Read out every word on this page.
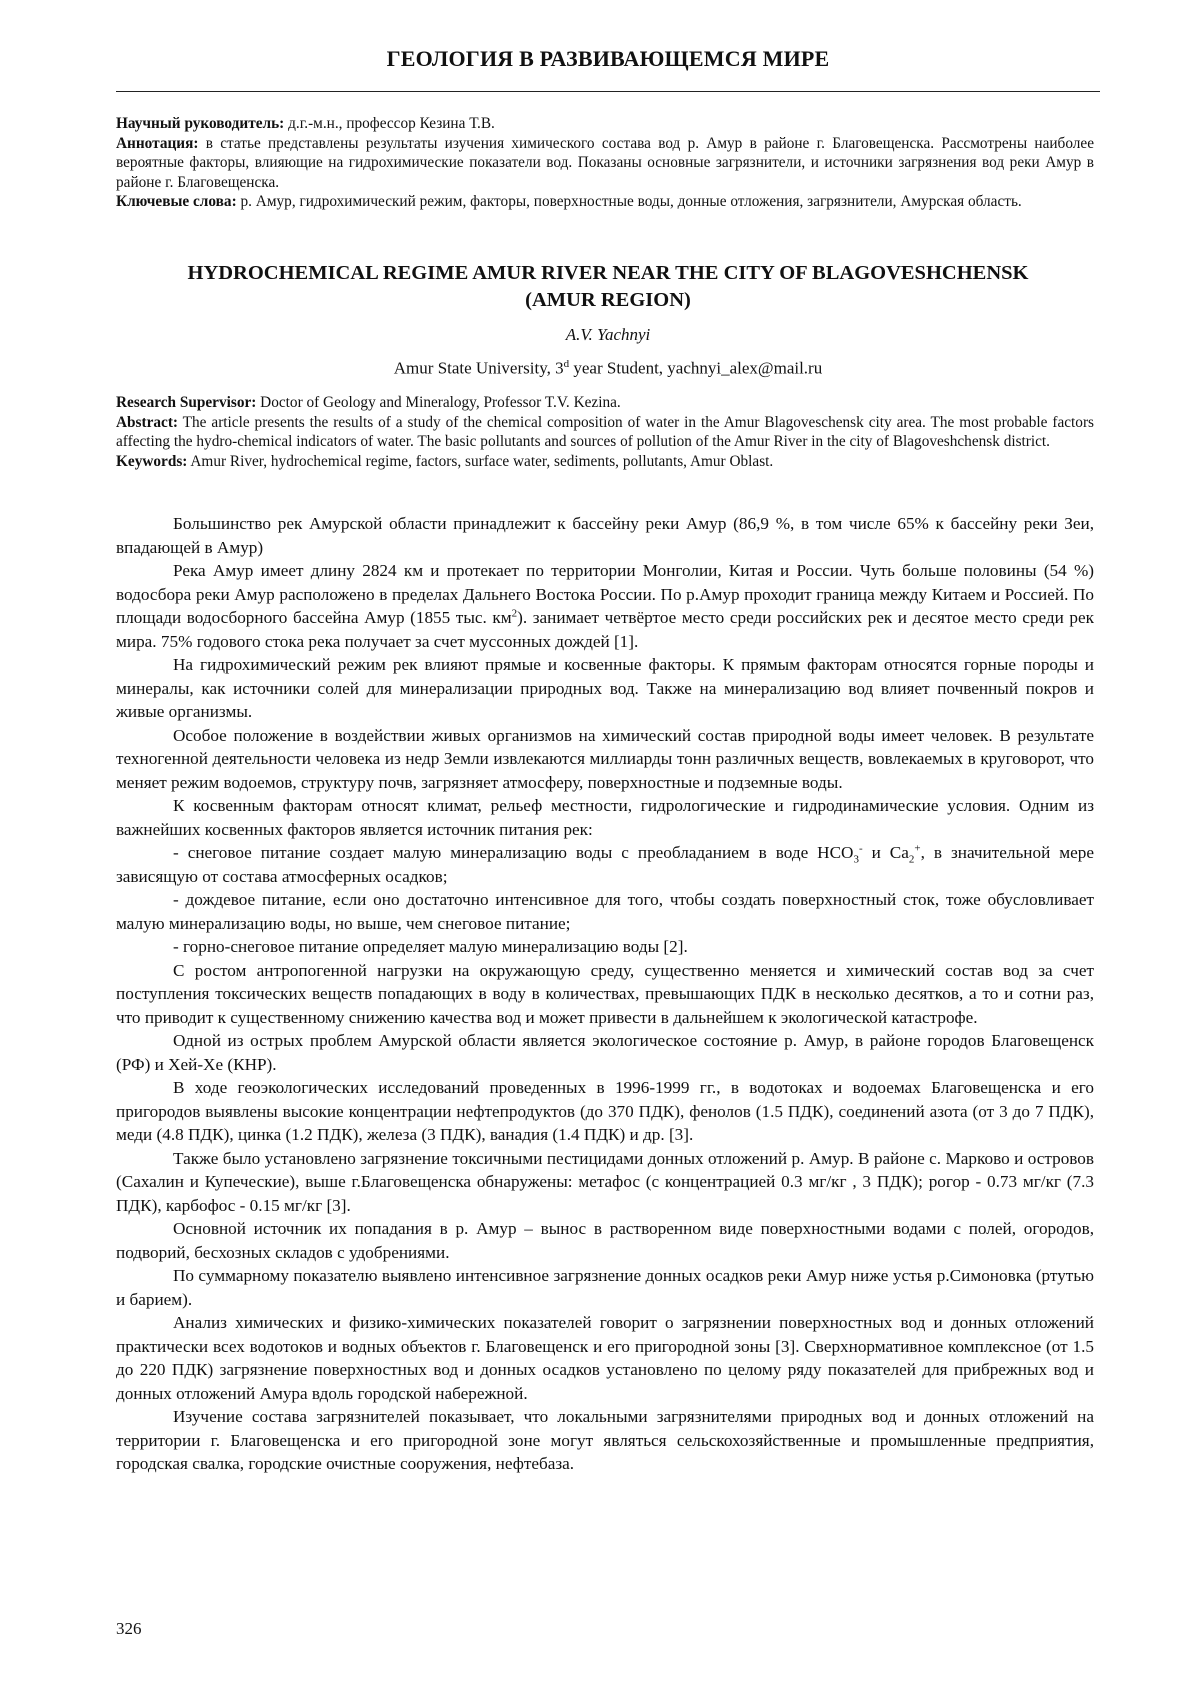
ГЕОЛОГИЯ В РАЗВИВАЮЩЕМСЯ МИРЕ
Научный руководитель: д.г.-м.н., профессор Кезина Т.В.
Аннотация: в статье представлены результаты изучения химического состава вод р. Амур в районе г. Благовещенска. Рассмотрены наиболее вероятные факторы, влияющие на гидрохимические показатели вод. Показаны основные загрязнители, и источники загрязнения вод реки Амур в районе г. Благовещенска.
Ключевые слова: р. Амур, гидрохимический режим, факторы, поверхностные воды, донные отложения, загрязнители, Амурская область.
HYDROCHEMICAL REGIME AMUR RIVER NEAR THE CITY OF BLAGOVESHCHENSK
(AMUR REGION)
A.V. Yachnyi
Amur State University, 3d year Student, yachnyi_alex@mail.ru
Research Supervisor: Doctor of Geology and Mineralogy, Professor T.V. Kezina.
Abstract: The article presents the results of a study of the chemical composition of water in the Amur Blagoveschensk city area. The most probable factors affecting the hydro-chemical indicators of water. The basic pollutants and sources of pollution of the Amur River in the city of Blagoveshchensk district.
Keywords: Amur River, hydrochemical regime, factors, surface water, sediments, pollutants, Amur Oblast.

Большинство рек Амурской области принадлежит к бассейну реки Амур (86,9 %, в том числе 65% к бассейну реки Зеи, впадающей в Амур)

Река Амур имеет длину 2824 км и протекает по территории Монголии, Китая и России. Чуть больше половины (54 %) водосбора реки Амур расположено в пределах Дальнего Востока России. По р.Амур проходит граница между Китаем и Россией. По площади водосборного бассейна Амур (1855 тыс. км2). занимает четвёртое место среди российских рек и десятое место среди рек мира. 75% годового стока река получает за счет муссонных дождей [1].

На гидрохимический режим рек влияют прямые и косвенные факторы. К прямым факторам относятся горные породы и минералы, как источники солей для минерализации природных вод. Также на минерализацию вод влияет почвенный покров и живые организмы.

Особое положение в воздействии живых организмов на химический состав природной воды имеет человек. В результате техногенной деятельности человека из недр Земли извлекаются миллиарды тонн различных веществ, вовлекаемых в круговорот, что меняет режим водоемов, структуру почв, загрязняет атмосферу, поверхностные и подземные воды.

К косвенным факторам относят климат, рельеф местности, гидрологические и гидродинамические условия. Одним из важнейших косвенных факторов является источник питания рек:

- снеговое питание создает малую минерализацию воды с преобладанием в воде HCO3- и Ca2+, в значительной мере зависящую от состава атмосферных осадков;

- дождевое питание, если оно достаточно интенсивное для того, чтобы создать поверхностный сток, тоже обусловливает малую минерализацию воды, но выше, чем снеговое питание;

- горно-снеговое питание определяет малую минерализацию воды [2].

С ростом антропогенной нагрузки на окружающую среду, существенно меняется и химический состав вод за счет поступления токсических веществ попадающих в воду в количествах, превышающих ПДК в несколько десятков, а то и сотни раз, что приводит к существенному снижению качества вод и может привести в дальнейшем к экологической катастрофе.

Одной из острых проблем Амурской области является экологическое состояние р. Амур, в районе городов Благовещенск (РФ) и Хей-Хе (КНР).

В ходе геоэкологических исследований проведенных в 1996-1999 гг., в водотоках и водоемах Благовещенска и его пригородов выявлены высокие концентрации нефтепродуктов (до 370 ПДК), фенолов (1.5 ПДК), соединений азота (от 3 до 7 ПДК), меди (4.8 ПДК), цинка (1.2 ПДК), железа (3 ПДК), ванадия (1.4 ПДК) и др. [3].

Также было установлено загрязнение токсичными пестицидами донных отложений р. Амур. В районе с. Марково и островов (Сахалин и Купеческие), выше г.Благовещенска обнаружены: метафос (с концентрацией 0.3 мг/кг , 3 ПДК); рогор - 0.73 мг/кг (7.3 ПДК), карбофос - 0.15 мг/кг [3].

Основной источник их попадания в р. Амур – вынос в растворенном виде поверхностными водами с полей, огородов, подворий, бесхозных складов с удобрениями.

По суммарному показателю выявлено интенсивное загрязнение донных осадков реки Амур ниже устья р.Симоновка (ртутью и барием).

Анализ химических и физико-химических показателей говорит о загрязнении поверхностных вод и донных отложений практически всех водотоков и водных объектов г. Благовещенск и его пригородной зоны [3]. Сверхнормативное комплексное (от 1.5 до 220 ПДК) загрязнение поверхностных вод и донных осадков установлено по целому ряду показателей для прибрежных вод и донных отложений Амура вдоль городской набережной.

Изучение состава загрязнителей показывает, что локальными загрязнителями природных вод и донных отложений на территории г. Благовещенска и его пригородной зоне могут являться сельскохозяйственные и промышленные предприятия, городская свалка, городские очистные сооружения, нефтебаза.

326
